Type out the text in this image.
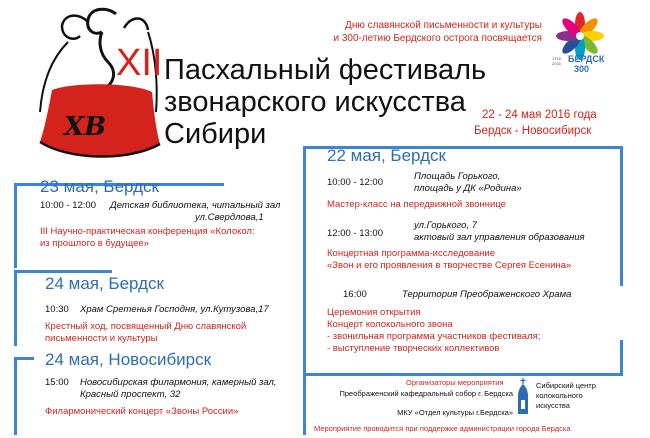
ХВ
XII Пасхальный фестиваль
звонарского искусства
Сибири
Дню славянской письменности и культуры
и 300-летию Бердского острога посвящается
1716 2016 БЕРДСК
300
22 - 24 мая 2016 года
Бердск - Новосибирск
22 мая, Бердск
10:00 - 12:00
Площадь Горького,
площадь у ДК «Родина»
Мастер-класс на передвижной звоннице
12:00 - 13:00
ул.Горького, 7
актовый зал управления образования
Концертная программа-исследование
«Звон и его проявления в творчестве Сергея Есенина»
16:00	Территория Преображенского Храма
Церемония открытия
Концерт колокольного звона
- звонильная программа участников фестиваля;
- выступление творческих коллективов
23 мая, Бердск
10:00 - 12:00 Детская библиотека, читальный зал
ул.Свердлова,1
III Научно-практическая конференция «Колокол:
из прошлого в будущее»
24 мая, Бердск
10:30 Храм Сретенья Господня, ул.Кутузова,17
Крестный ход, посвященный Дню славянской
письменности и культуры
24 мая, Новосибирск
15:00 Новосибирская филармония, камерный зал,
Красный проспект, 32
Филармонический концерт «Звоны России»
Организаторы мероприятия
Преображенский кафедральный собор г. Бердска
МКУ «Отдел культуры г.Бердска»
Сибирский центр
колокольного
искусства
Мероприятие проводится при поддержке администрации города Бердска
